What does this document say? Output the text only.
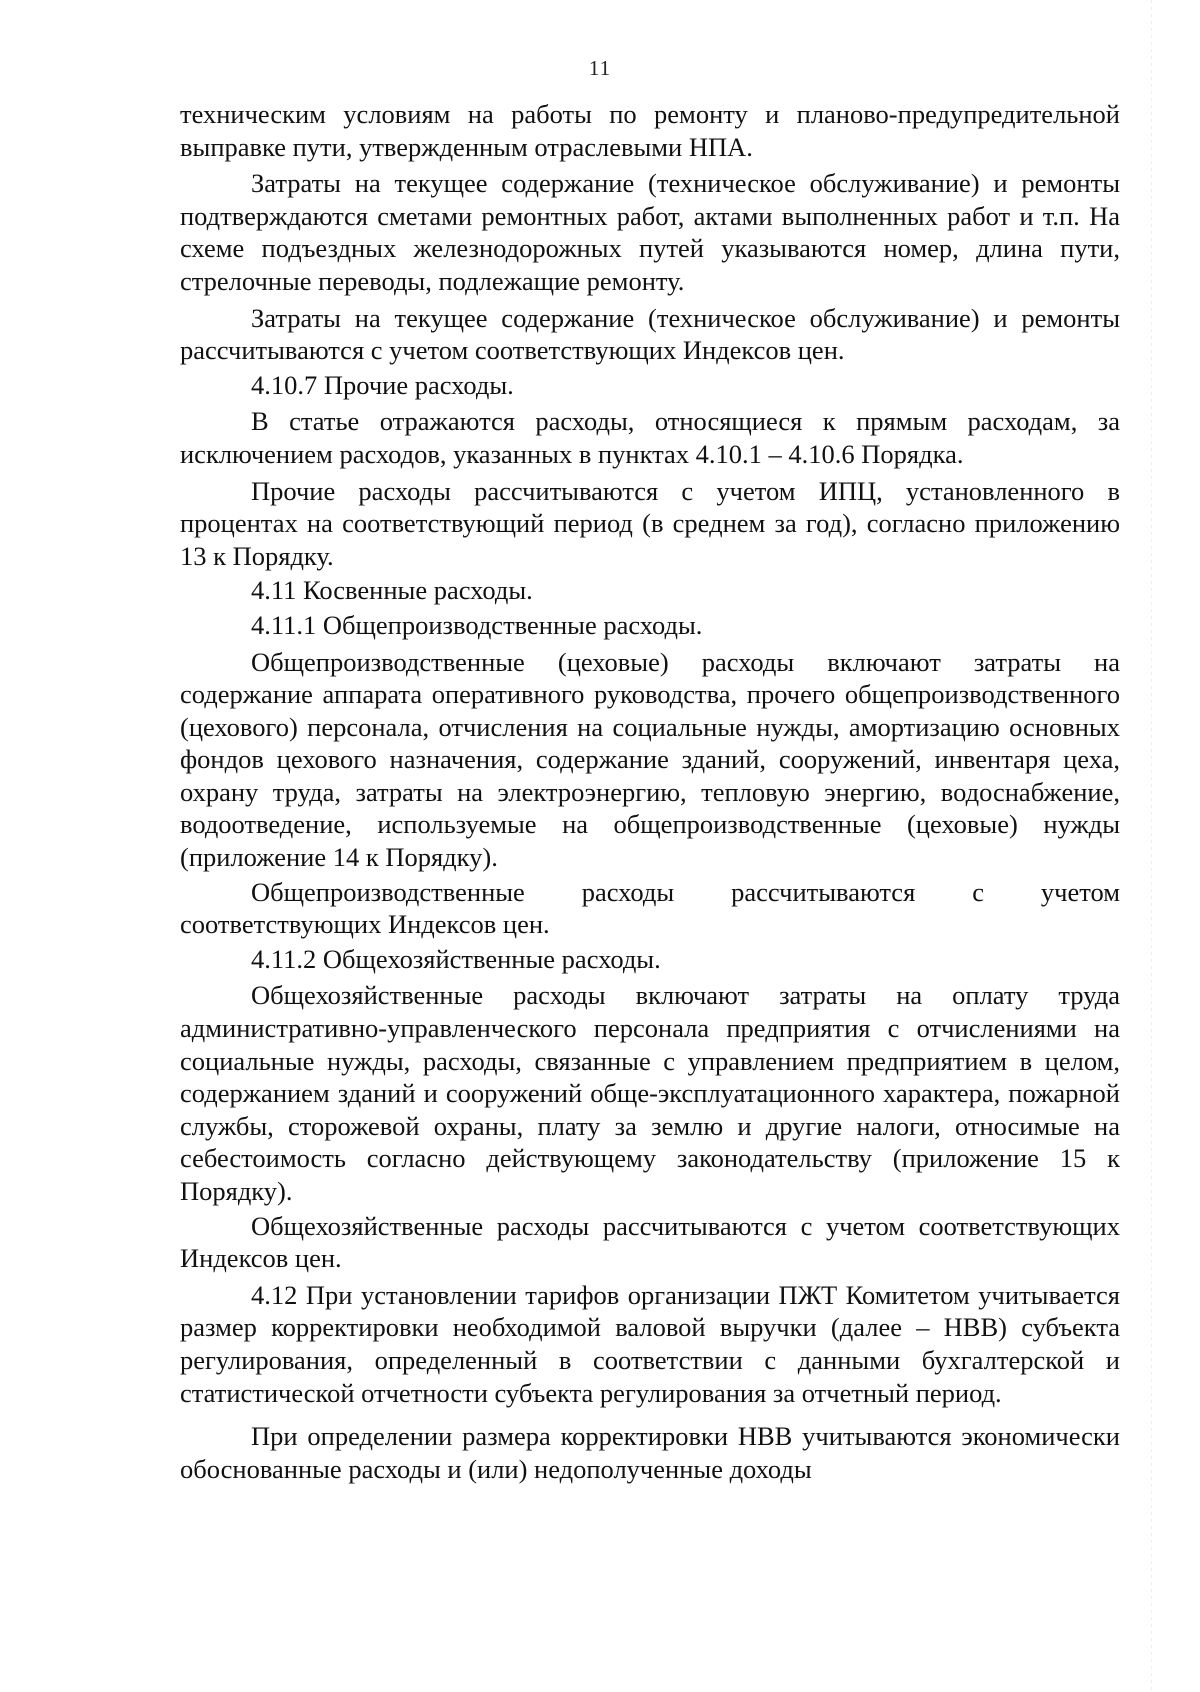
11

техническим условиям на работы по ремонту и планово-предупредительной выправке пути, утвержденным отраслевыми НПА.

Затраты на текущее содержание (техническое обслуживание) и ремонты подтверждаются сметами ремонтных работ, актами выполненных работ и т.п. На схеме подъездных железнодорожных путей указываются номер, длина пути, стрелочные переводы, подлежащие ремонту.

Затраты на текущее содержание (техническое обслуживание) и ремонты рассчитываются с учетом соответствующих Индексов цен.

4.10.7 Прочие расходы.

В статье отражаются расходы, относящиеся к прямым расходам, за исключением расходов, указанных в пунктах 4.10.1 – 4.10.6 Порядка.

Прочие расходы рассчитываются с учетом ИПЦ, установленного в процентах на соответствующий период (в среднем за год), согласно приложению 13 к Порядку.

4.11 Косвенные расходы.

4.11.1 Общепроизводственные расходы.

Общепроизводственные (цеховые) расходы включают затраты на содержание аппарата оперативного руководства, прочего общепроизводственного (цехового) персонала, отчисления на социальные нужды, амортизацию основных фондов цехового назначения, содержание зданий, сооружений, инвентаря цеха, охрану труда, затраты на электроэнергию, тепловую энергию, водоснабжение, водоотведение, используемые на общепроизводственные (цеховые) нужды (приложение 14 к Порядку).

Общепроизводственные расходы рассчитываются с учетом соответствующих Индексов цен.

4.11.2 Общехозяйственные расходы.

Общехозяйственные расходы включают затраты на оплату труда административно-управленческого персонала предприятия с отчислениями на социальные нужды, расходы, связанные с управлением предприятием в целом, содержанием зданий и сооружений обще-эксплуатационного характера, пожарной службы, сторожевой охраны, плату за землю и другие налоги, относимые на себестоимость согласно действующему законодательству (приложение 15 к Порядку).

Общехозяйственные расходы рассчитываются с учетом соответствующих Индексов цен.

4.12 При установлении тарифов организации ПЖТ Комитетом учитывается размер корректировки необходимой валовой выручки (далее – НВВ) субъекта регулирования, определенный в соответствии с данными бухгалтерской и статистической отчетности субъекта регулирования за отчетный период.

При определении размера корректировки НВВ учитываются экономически обоснованные расходы и (или) недополученные доходы
